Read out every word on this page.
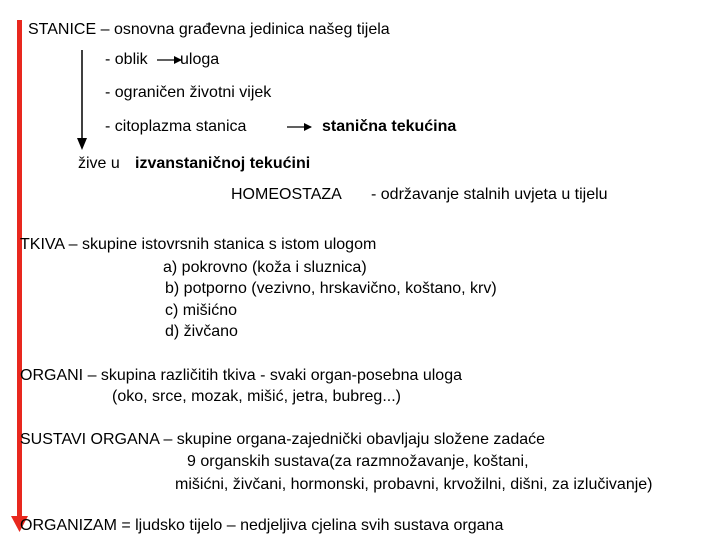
STANICE – osnovna građevna jedinica našeg tijela
- oblik uloga
- ograničen životni vijek
- citoplazma stanica	stanična tekućina
žive u izvanstaničnoj tekućini
HOMEOSTAZA - održavanje stalnih uvjeta u tijelu
TKIVA – skupine istovrsnih stanica s istom ulogom
a) pokrovno (koža i sluznica)
b) potporno (vezivno, hrskavično, koštano, krv)
c) mišićno
d) živčano
ORGANI – skupina različitih tkiva - svaki organ-posebna uloga
(oko, srce, mozak, mišić, jetra, bubreg...)
SUSTAVI ORGANA – skupine organa-zajednički obavljaju složene zadaće
9 organskih sustava(za razmnožavanje, koštani,
mišićni, živčani, hormonski, probavni, krvožilni, dišni, za izlučivanje)
ORGANIZAM = ljudsko tijelo – nedjeljiva cjelina svih sustava organa
